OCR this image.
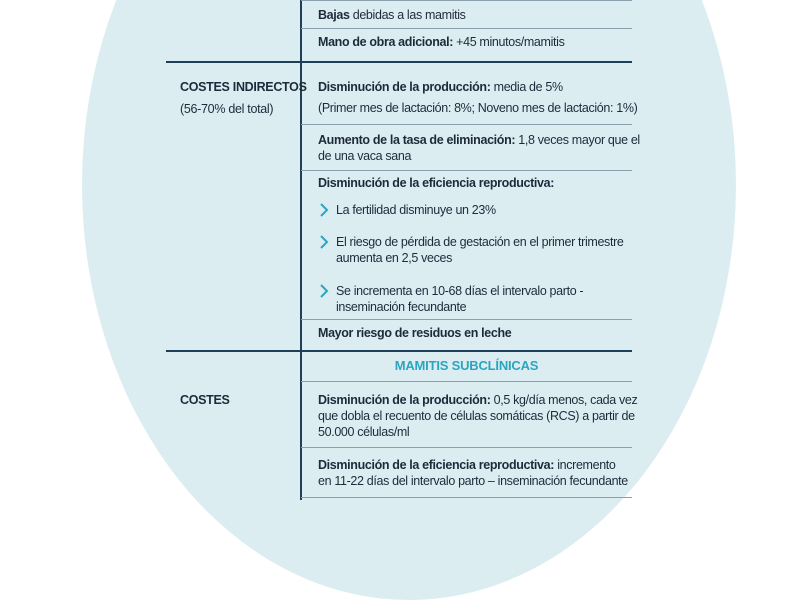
Bajas debidas a las mamitis
Mano de obra adicional: +45 minutos/mamitis
COSTES INDIRECTOS
(56-70% del total)
Disminución de la producción: media de 5%
(Primer mes de lactación: 8%; Noveno mes de lactación: 1%)
Aumento de la tasa de eliminación: 1,8 veces mayor que el
de una vaca sana
Disminución de la eficiencia reproductiva:
La fertilidad disminuye un 23%
El riesgo de pérdida de gestación en el primer trimestre
aumenta en 2,5 veces
Se incrementa en 10-68 días el intervalo parto -
inseminación fecundante
Mayor riesgo de residuos en leche
MAMITIS SUBCLÍNICAS
COSTES	Disminución de la producción: 0,5 kg/día menos, cada vez
que dobla el recuento de células somáticas (RCS) a partir de
50.000 células/ml
Disminución de la eficiencia reproductiva: incremento
en 11-22 días del intervalo parto – inseminación fecundante
